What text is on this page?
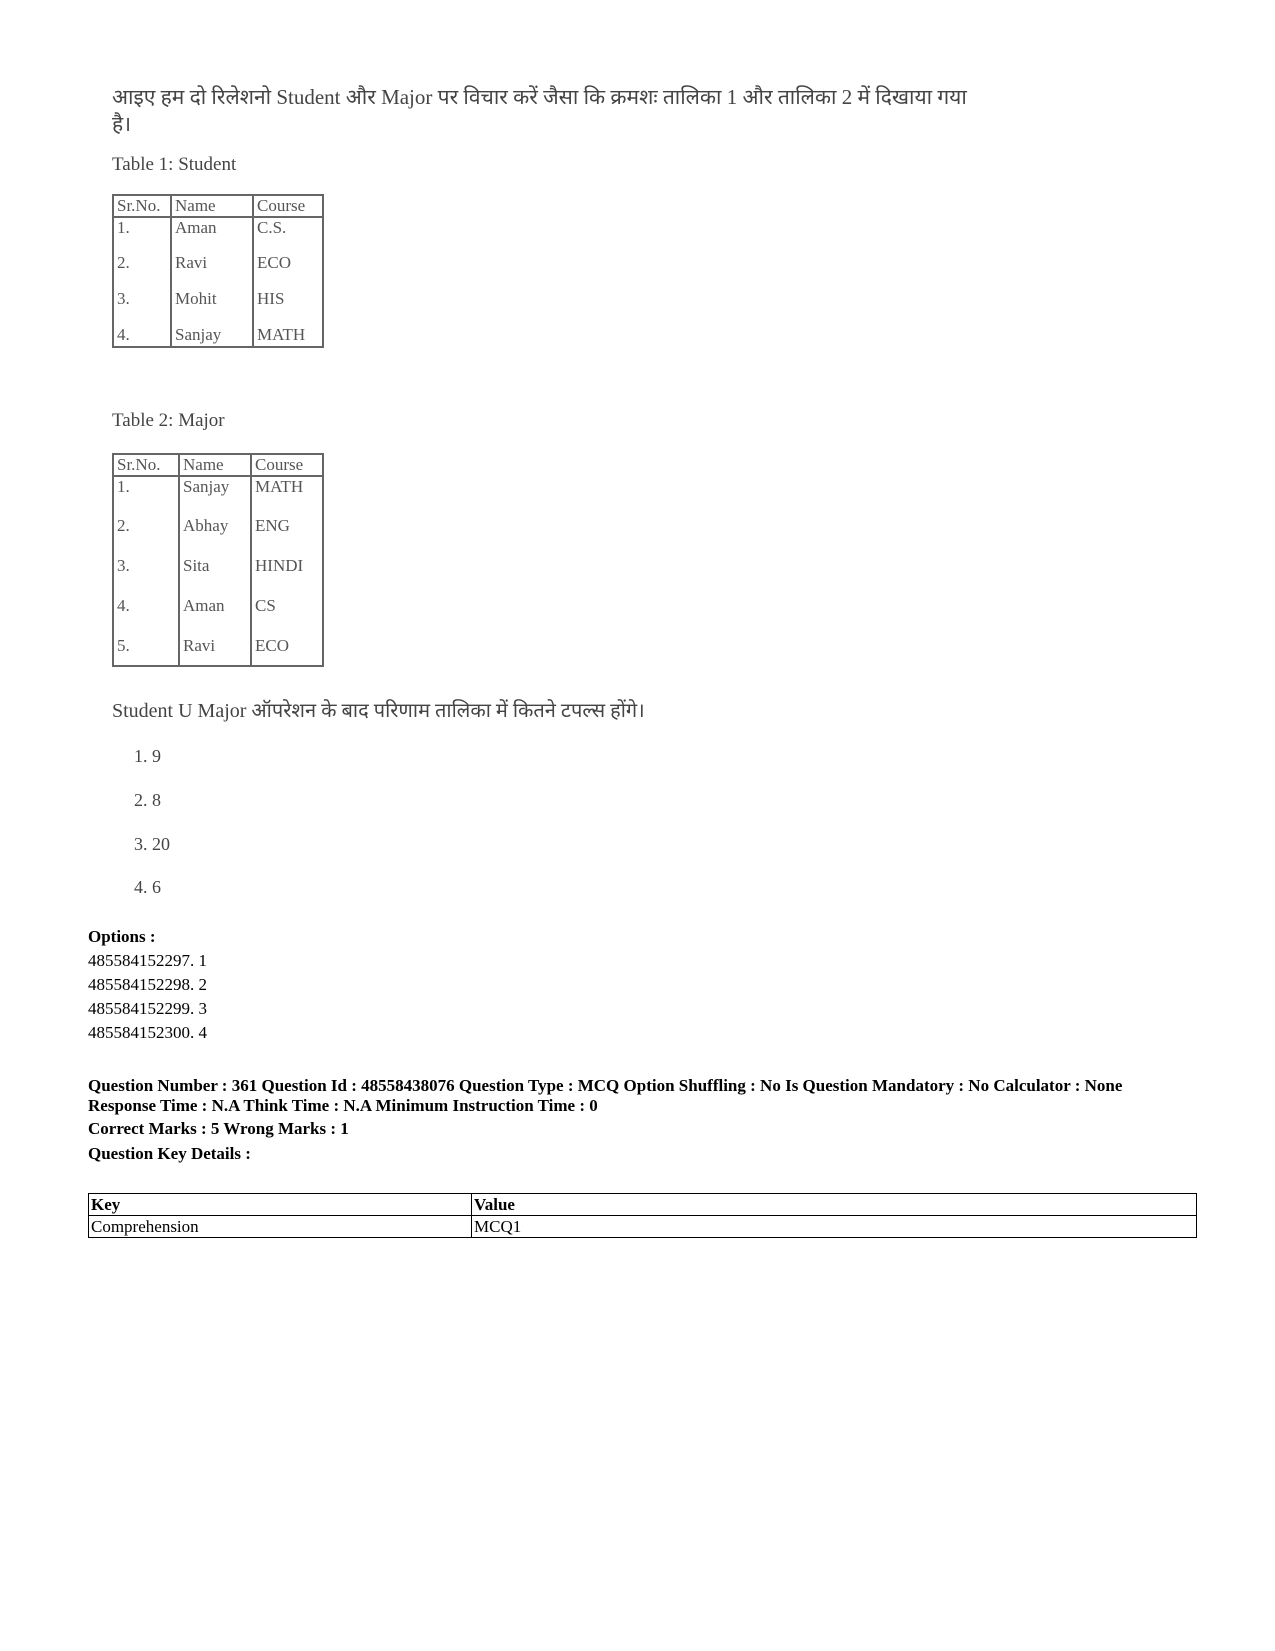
आइए हम दो रिलेशनो Student और Major पर विचार करें जैसा कि क्रमशः तालिका 1 और तालिका 2 में दिखाया गया है।
Table 1: Student
Sr.No.	Name	Course
1.	Aman	C.S.
2.	Ravi	ECO
3.	Mohit	HIS
4.	Sanjay	MATH
Table 2: Major
Sr.No.	Name	Course
1.	Sanjay	MATH
2.	Abhay	ENG
3.	Sita	HINDI
4.	Aman	CS
5.	Ravi	ECO
Student U Major ऑपरेशन के बाद परिणाम तालिका में कितने टपल्स होंगे।
1. 9
2. 8
3. 20
4. 6
Options :
485584152297. 1
485584152298. 2
485584152299. 3
485584152300. 4
Question Number : 361 Question Id : 48558438076 Question Type : MCQ Option Shuffling : No Is Question Mandatory : No Calculator : None
Response Time : N.A Think Time : N.A Minimum Instruction Time : 0
Correct Marks : 5 Wrong Marks : 1
Question Key Details :
Key	Value
Comprehension	MCQ1
